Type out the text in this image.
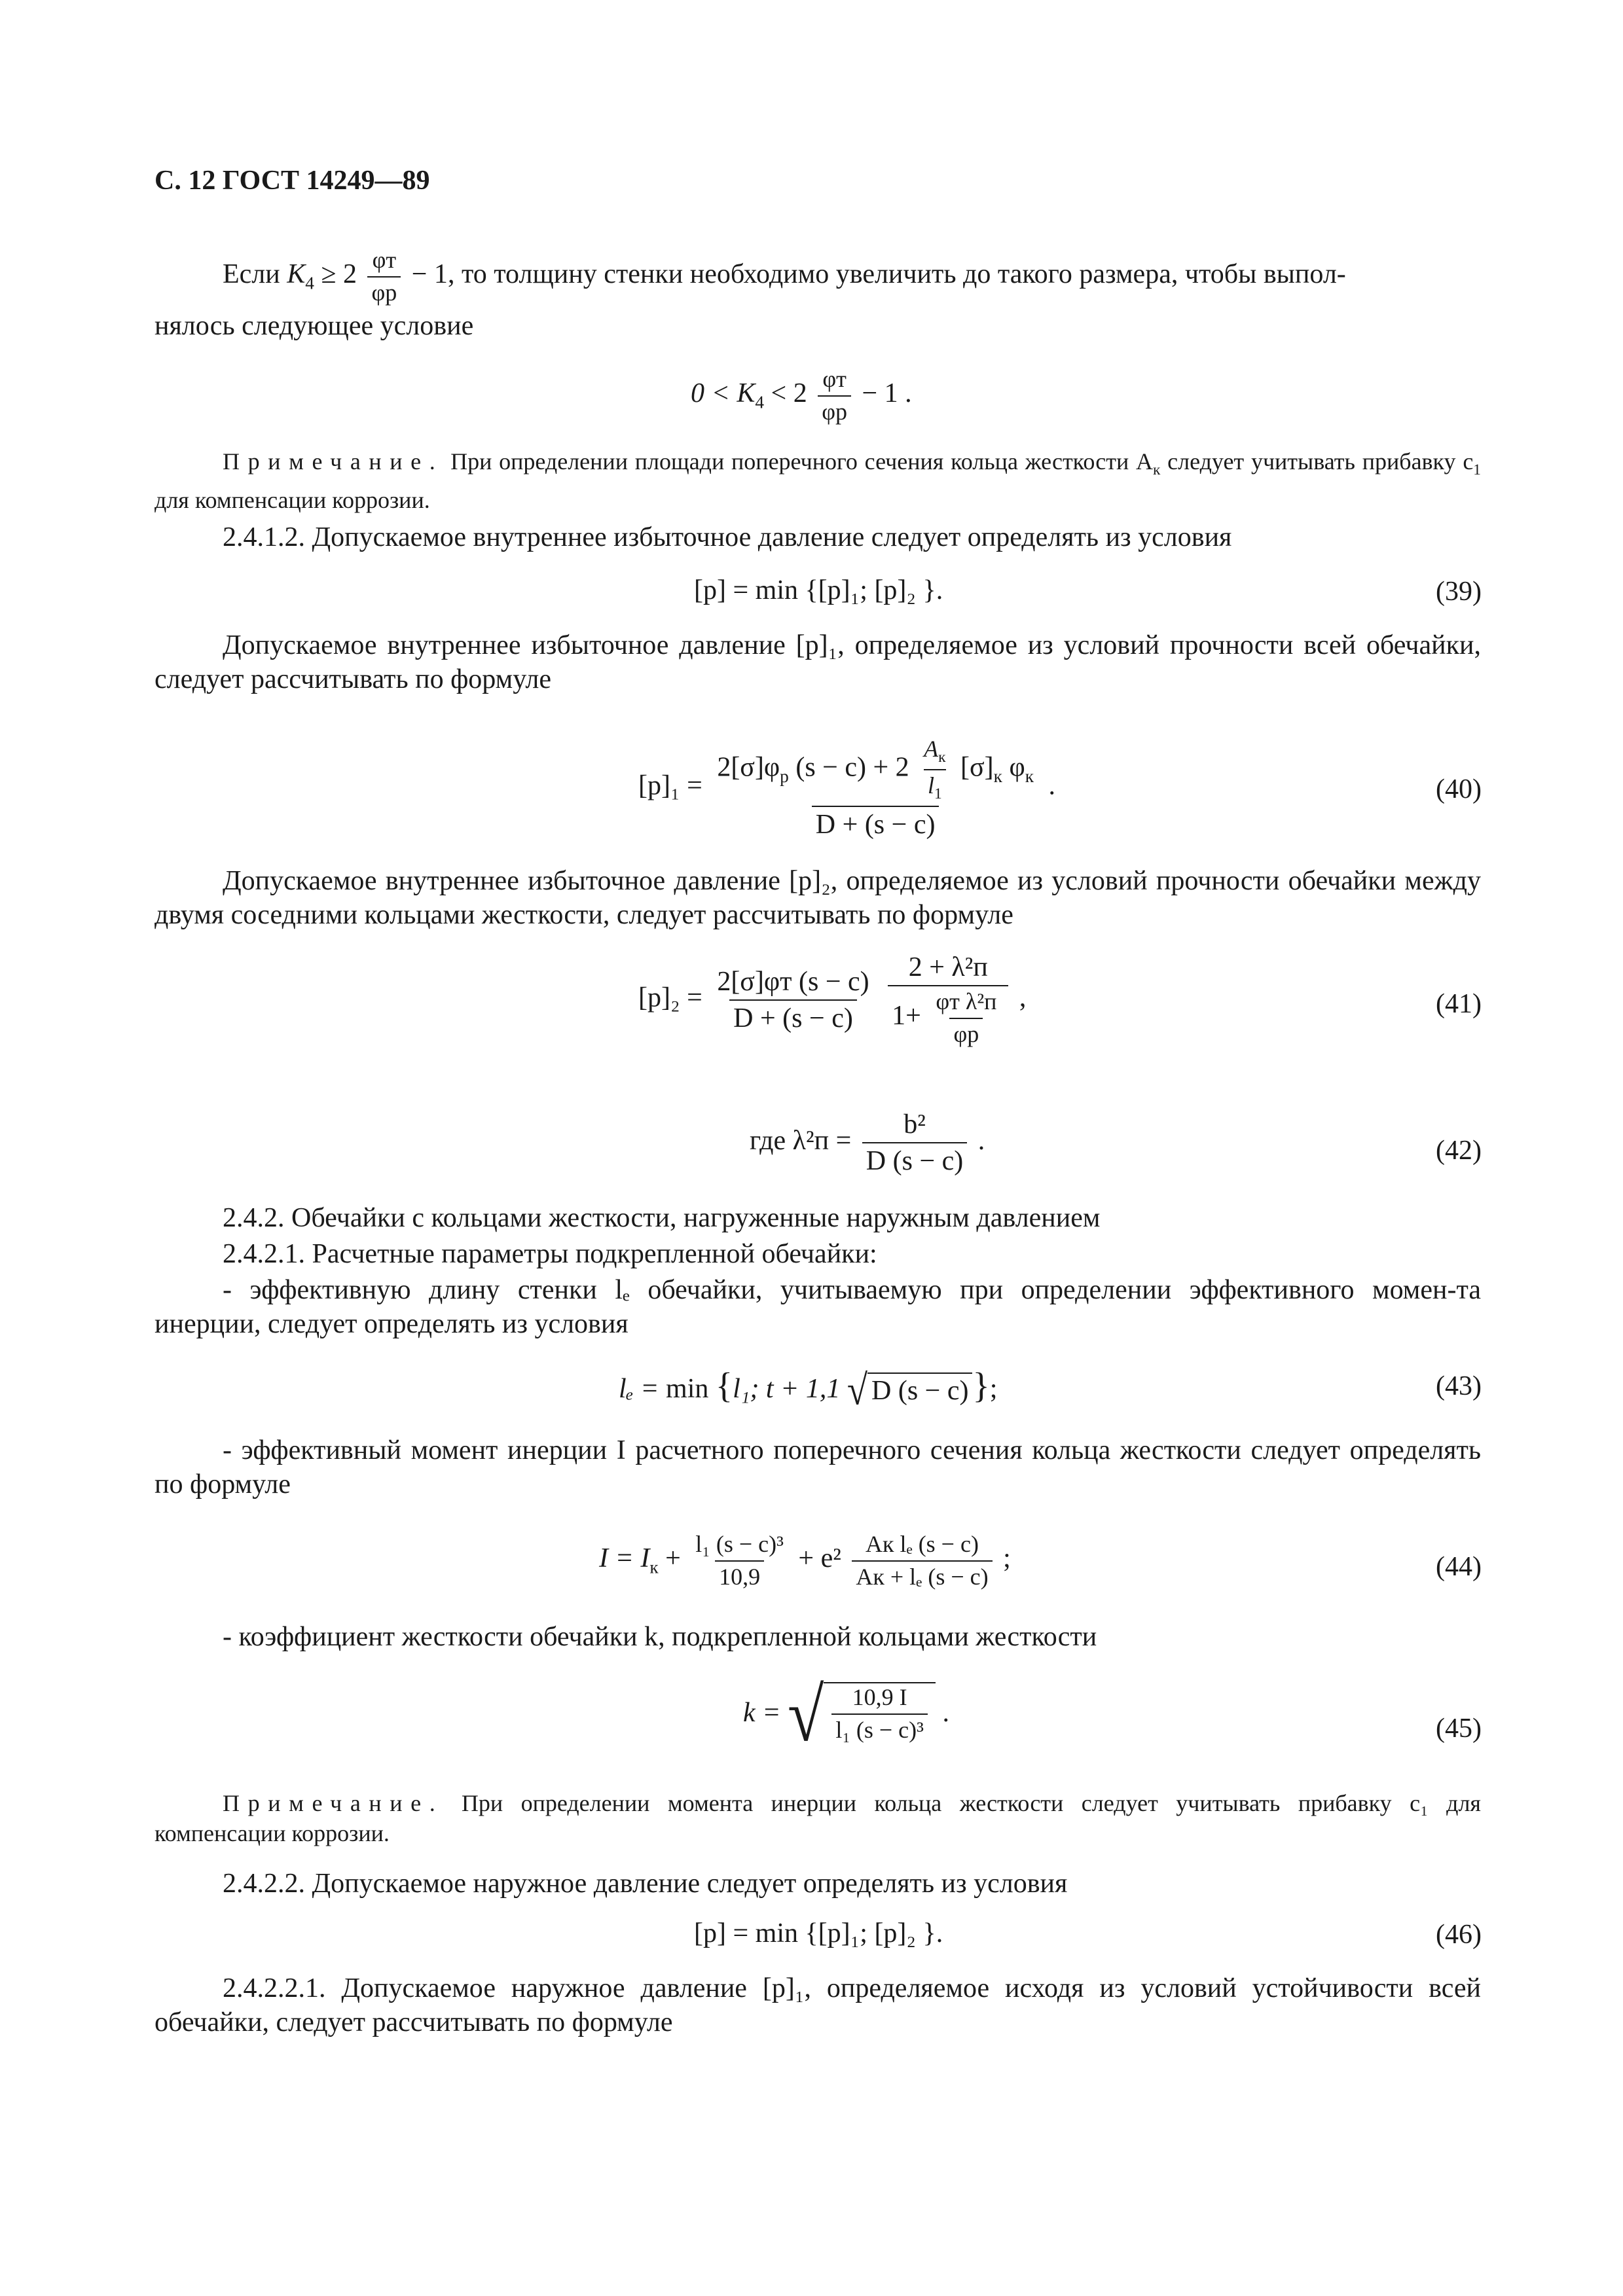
С. 12 ГОСТ 14249—89
Если $K_4 \ge 2 \frac{\varphi т}{\varphi p} - 1$, то толщину стенки необходимо увеличить до такого размера, чтобы выпол-
нялось следующее условие
$0 < K_4 < 2 \frac{\varphi т}{\varphi p} - 1$ .
Примечание. При определении площади поперечного сечения кольца жесткости $A_к$ следует учитывать прибавку $c_1$ для компенсации коррозии.
2.4.1.2. Допускаемое внутреннее избыточное давление следует определять из условия
[p] = min {[p]₁; [p]₂ }.	(39)
Допускаемое внутреннее избыточное давление [p]₁, определяемое из условий прочности всей обечайки, следует рассчитывать по формуле
[p]₁ =
$2[\sigma]\varphi_p$ $(s - c) + 2 \frac{A_к}{l_1} [\sigma]_к$ $\varphi_к$
D + (s − c)
.	(40)
Допускаемое внутреннее избыточное давление [p]₂, определяемое из условий прочности обечайки между двумя соседними кольцами жесткости, следует рассчитывать по формуле
$[p]_2 = \frac{2[\sigma]\varphi т (s - c)}{D + (s - c)}$
$\frac{\text{2 + λ²п}}{1+ \frac{\text{φт λ²п}}{\varphi p}}$ ,	(41)
где $\lambda^2п = \frac{\text{b²}}{D (s - c)}$ .	(42)
2.4.2. Обечайки с кольцами жесткости, нагруженные наружным давлением
2.4.2.1. Расчетные параметры подкрепленной обечайки:
- эффективную длину стенки lₑ обечайки, учитываемую при определении эффективного момен-та инерции, следует определять из условия
lₑ = min {l₁; t + 1,1 √ D (s − c) };	(43)
- эффективный момент инерции I расчетного поперечного сечения кольца жесткости следует определять по формуле
$I = I_к + \frac{\text{l₁ (s − c)³}}{10,9} + e^2 \frac{\text{Aк lₑ (s − c)}}{\text{Aк + lₑ (s − c)}}$ ;	(44)
- коэффициент жесткости обечайки k, подкрепленной кольцами жесткости
k = √ $\frac{10,9 I}{\text{l₁ (s − c)³}}$ .
(45)
Примечание. При определении момента инерции кольца жесткости следует учитывать прибавку c₁ для компенсации коррозии.
2.4.2.2. Допускаемое наружное давление следует определять из условия
[p] = min {[p]₁; [p]₂ }.	(46)
2.4.2.2.1. Допускаемое наружное давление [p]₁, определяемое исходя из условий устойчивости всей обечайки, следует рассчитывать по формуле
